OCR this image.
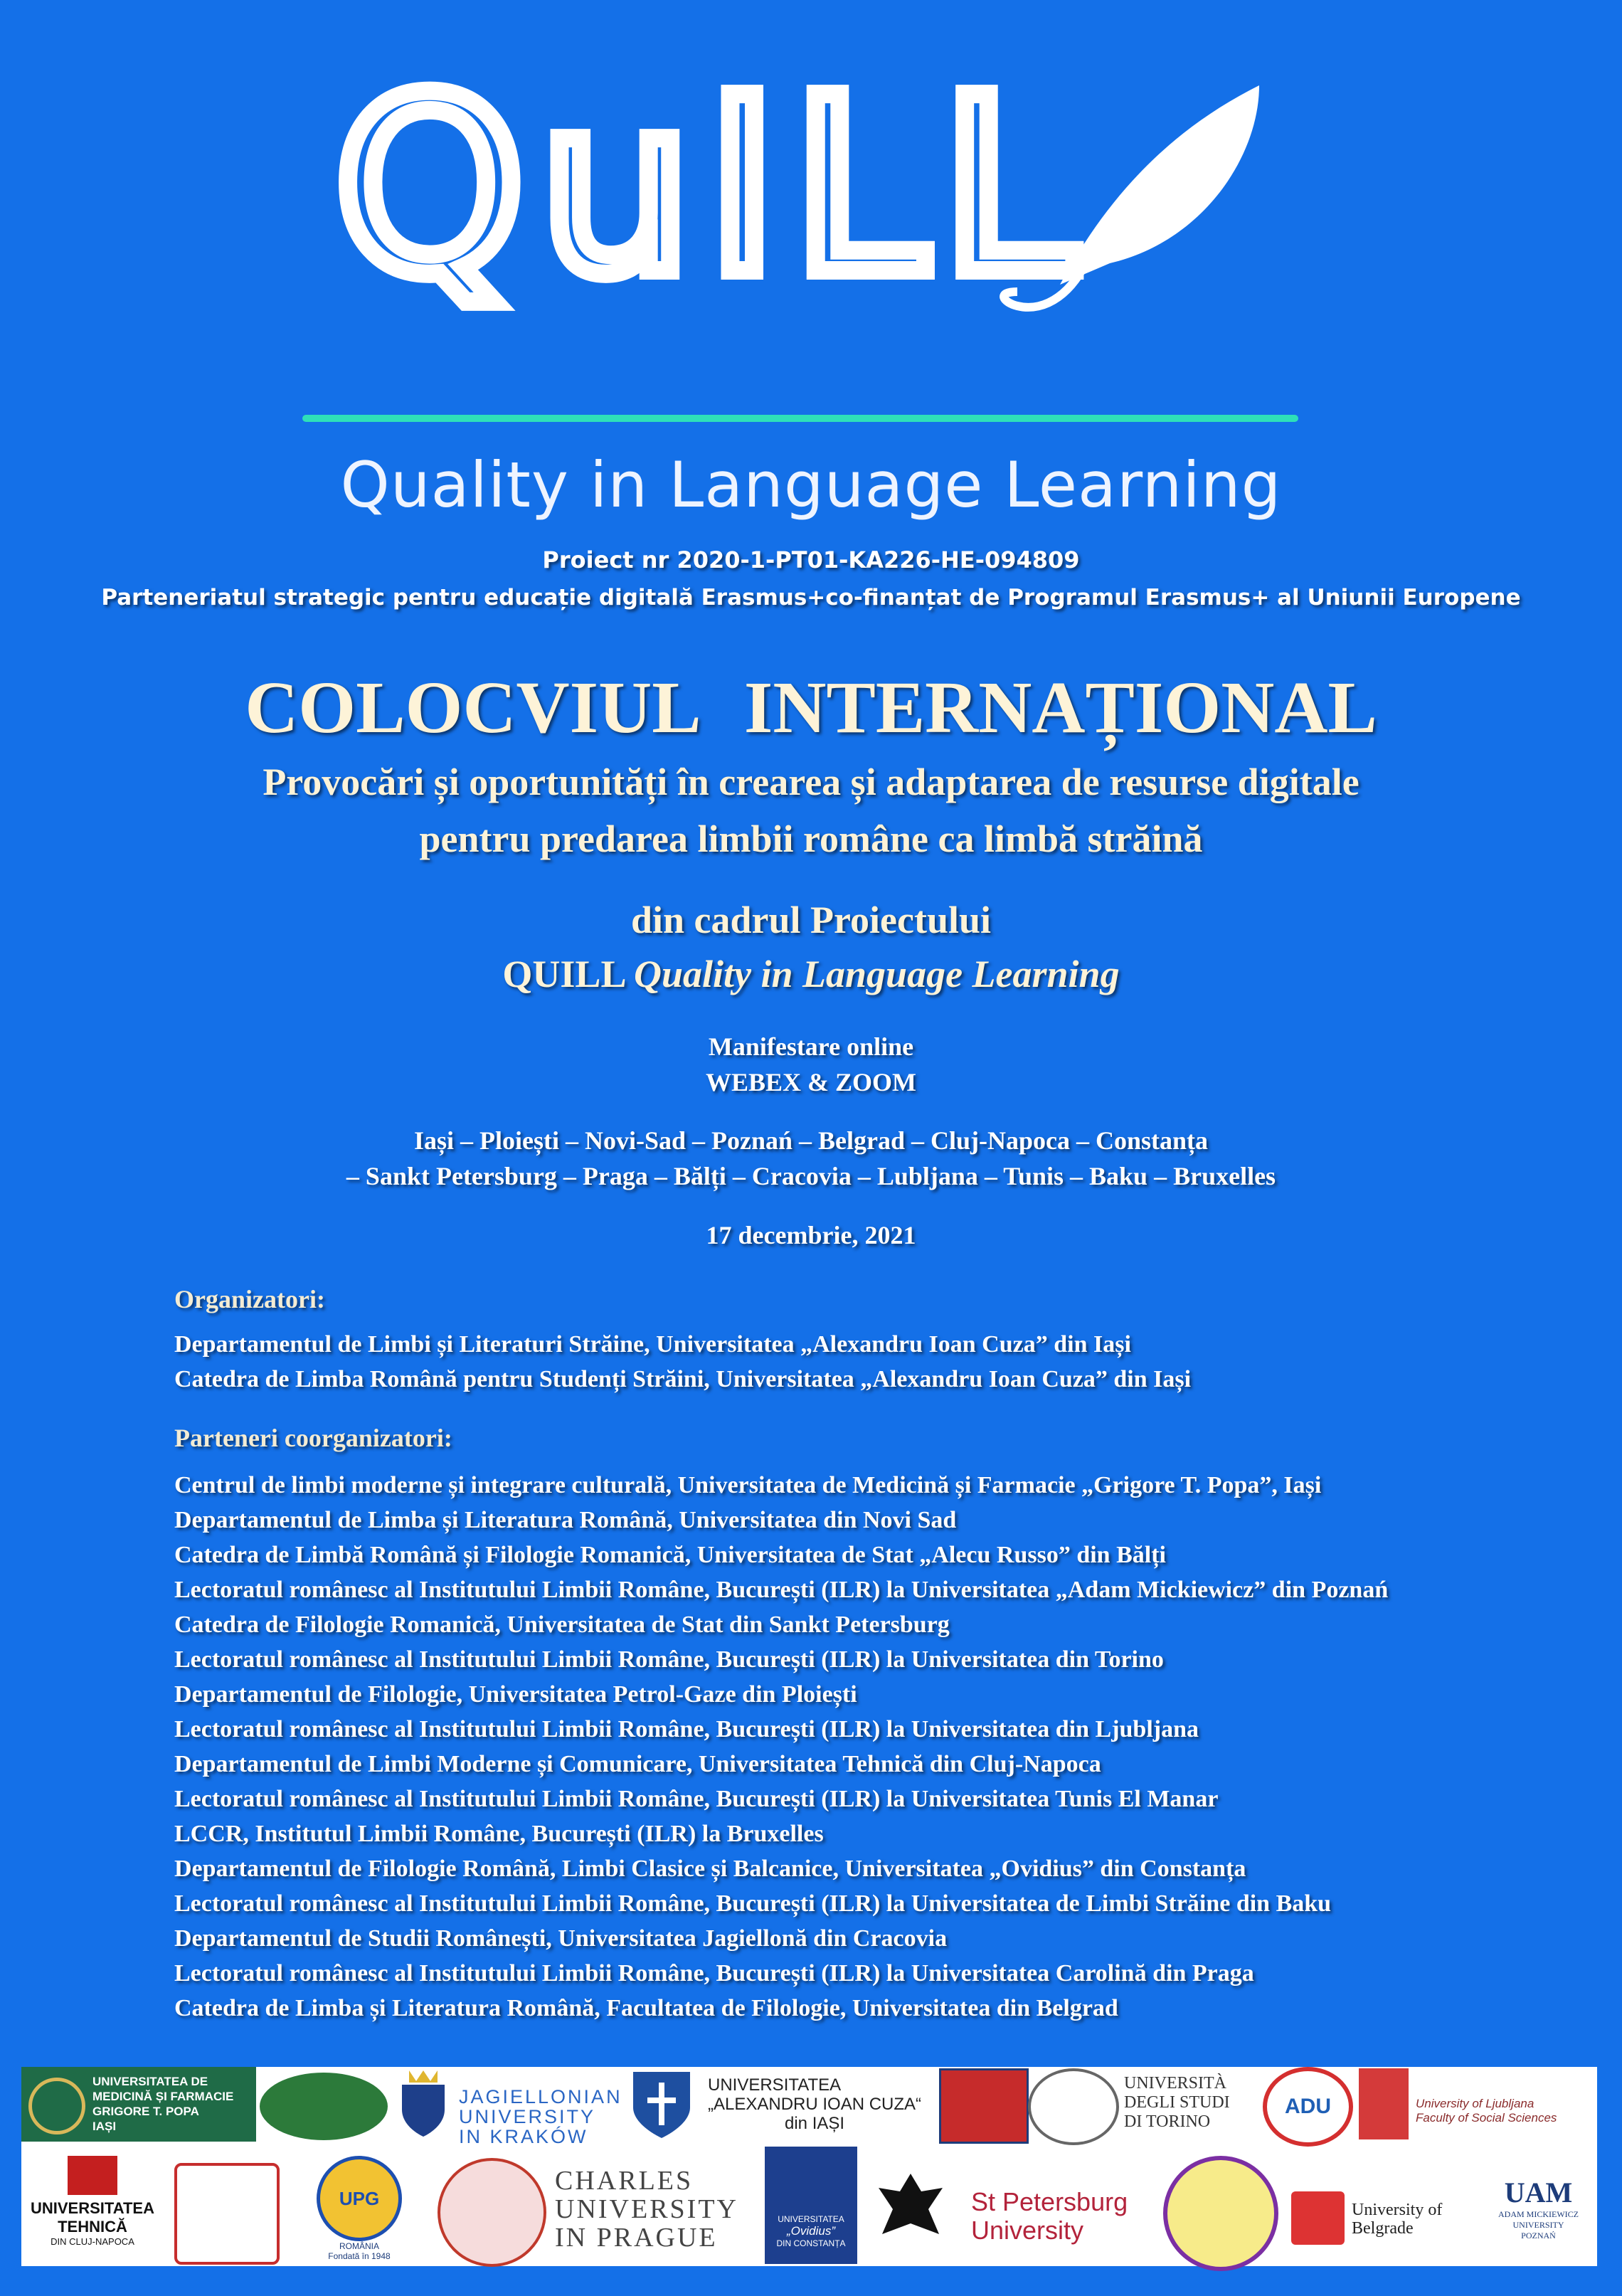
QuILL
Quality in Language Learning
Proiect nr 2020-1-PT01-KA226-HE-094809
Parteneriatul strategic pentru educație digitală Erasmus+co-finanțat de Programul Erasmus+ al Uniunii Europene
COLOCVIUL INTERNAȚIONAL
Provocări și oportunități în crearea și adaptarea de resurse digitale
pentru predarea limbii române ca limbă străină
din cadrul Proiectului
QUILL Quality in Language Learning
Manifestare online
WEBEX & ZOOM
Iași – Ploiești – Novi-Sad – Poznań – Belgrad – Cluj-Napoca – Constanța
– Sankt Petersburg – Praga – Bălți – Cracovia – Lubljana – Tunis – Baku – Bruxelles
17 decembrie, 2021
Organizatori:
Departamentul de Limbi și Literaturi Străine, Universitatea „Alexandru Ioan Cuza” din Iași
Catedra de Limba Română pentru Studenți Străini, Universitatea „Alexandru Ioan Cuza” din Iași
Parteneri coorganizatori:
Centrul de limbi moderne și integrare culturală, Universitatea de Medicină și Farmacie „Grigore T. Popa”, Iași
Departamentul de Limba și Literatura Română, Universitatea din Novi Sad
Catedra de Limbă Română și Filologie Romanică, Universitatea de Stat „Alecu Russo” din Bălți
Lectoratul românesc al Institutului Limbii Române, București (ILR) la Universitatea „Adam Mickiewicz” din Poznań
Catedra de Filologie Romanică, Universitatea de Stat din Sankt Petersburg
Lectoratul românesc al Institutului Limbii Române, București (ILR) la Universitatea din Torino
Departamentul de Filologie, Universitatea Petrol-Gaze din Ploiești
Lectoratul românesc al Institutului Limbii Române, București (ILR) la Universitatea din Ljubljana
Departamentul de Limbi Moderne și Comunicare, Universitatea Tehnică din Cluj-Napoca
Lectoratul românesc al Institutului Limbii Române, București (ILR) la Universitatea Tunis El Manar
LCCR, Institutul Limbii Române, București (ILR) la Bruxelles
Departamentul de Filologie Română, Limbi Clasice și Balcanice, Universitatea „Ovidius” din Constanța
Lectoratul românesc al Institutului Limbii Române, București (ILR) la Universitatea de Limbi Străine din Baku
Departamentul de Studii Românești, Universitatea Jagiellonă din Cracovia
Lectoratul românesc al Institutului Limbii Române, București (ILR) la Universitatea Carolină din Praga
Catedra de Limba și Literatura Română, Facultatea de Filologie, Universitatea din Belgrad
UNIVERSITATEA DE
MEDICINĂ ȘI FARMACIE
GRIGORE T. POPA
IAȘI
JAGIELLONIAN
UNIVERSITY
IN KRAKÓW
UNIVERSITATEA
„ALEXANDRU IOAN CUZA“
din IAȘI
UNIVERSITÀ
DEGLI STUDI
DI TORINO
ADU	University of Ljubljana
Faculty of Social Sciences
UNIVERSITATEA
TEHNICĂ
DIN CLUJ-NAPOCA
UPG
ROMÂNIA
Fondată în 1948
CHARLES
UNIVERSITY
IN PRAGUE
UNIVERSITATEA
„Ovidius”
DIN CONSTANȚA
St Petersburg
University
University of
Belgrade
UAM
ADAM MICKIEWICZ
UNIVERSITY
POZNAŃ
